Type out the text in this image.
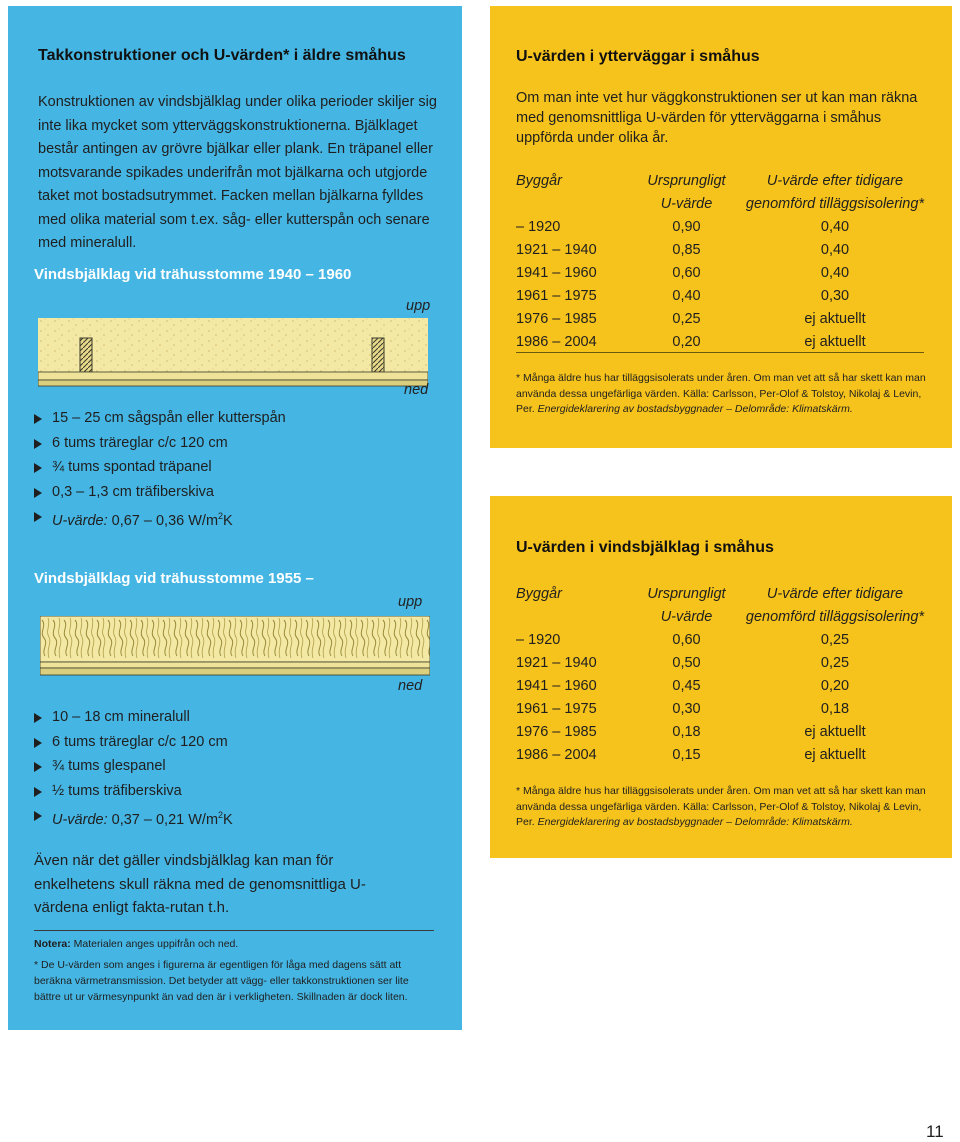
Takkonstruktioner och U-värden* i äldre småhus
Konstruktionen av vindsbjälklag under olika perioder skiljer sig inte lika mycket som ytterväggskonstruktionerna. Bjälklaget består antingen av grövre bjälkar eller plank. En träpanel eller motsvarande spikades underifrån mot bjälkarna och utgjorde taket mot bostadsutrymmet. Facken mellan bjälkarna fylldes med olika material som t.ex. såg- eller kutterspån och senare med mineralull.
Vindsbjälklag vid trähusstomme 1940 – 1960
upp
ned
15 – 25 cm sågspån eller kutterspån
6 tums träreglar c/c 120 cm
¾ tums spontad träpanel
0,3 – 1,3 cm träfiberskiva
U-värde: 0,67 – 0,36 $W/m^2K$
Vindsbjälklag vid trähusstomme 1955 –
upp
ned
10 – 18 cm mineralull
6 tums träreglar c/c 120 cm
¾ tums glespanel
½ tums träfiberskiva
U-värde: 0,37 – 0,21 $W/m^2K$
Även när det gäller vindsbjälklag kan man för enkelhetens skull räkna med de genomsnittliga U-värdena enligt fakta-rutan t.h.
Notera: Materialen anges uppifrån och ned.
* De U-värden som anges i figurerna är egentligen för låga med dagens sätt att beräkna värmetransmission. Det betyder att vägg- eller takkonstruktionen ser lite bättre ut ur värmesynpunkt än vad den är i verkligheten. Skillnaden är dock liten.
U-värden i ytterväggar i småhus
Om man inte vet hur väggkonstruktionen ser ut kan man räkna med genomsnittliga U-värden för ytterväggarna i småhus uppförda under olika år.
Byggår	Ursprungligt	U-värde efter tidigare
	U-värde	genomförd tilläggsisolering*
– 1920	0,90	0,40
1921 – 1940	0,85	0,40
1941 – 1960	0,60	0,40
1961 – 1975	0,40	0,30
1976 – 1985	0,25	ej aktuellt
1986 – 2004	0,20	ej aktuellt
* Många äldre hus har tilläggsisolerats under åren. Om man vet att så har skett kan man använda dessa ungefärliga värden. Källa: Carlsson, Per-Olof & Tolstoy, Nikolaj & Levin, Per. Energideklarering av bostadsbyggnader – Delområde: Klimatskärm.
U-värden i vindsbjälklag i småhus
Byggår	Ursprungligt	U-värde efter tidigare
	U-värde	genomförd tilläggsisolering*
– 1920	0,60	0,25
1921 – 1940	0,50	0,25
1941 – 1960	0,45	0,20
1961 – 1975	0,30	0,18
1976 – 1985	0,18	ej aktuellt
1986 – 2004	0,15	ej aktuellt
* Många äldre hus har tilläggsisolerats under åren. Om man vet att så har skett kan man använda dessa ungefärliga värden. Källa: Carlsson, Per-Olof & Tolstoy, Nikolaj & Levin, Per. Energideklarering av bostadsbyggnader – Delområde: Klimatskärm.
11
